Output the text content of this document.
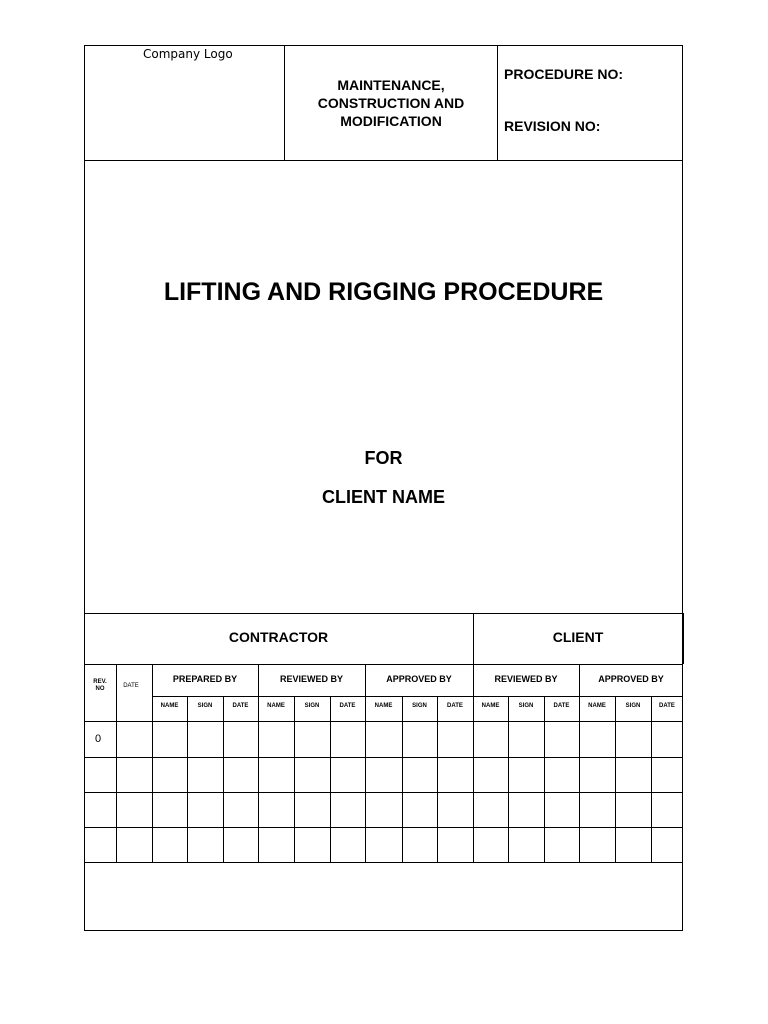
Company Logo
MAINTENANCE,
CONSTRUCTION AND
MODIFICATION
PROCEDURE NO:
REVISION NO:
LIFTING AND RIGGING PROCEDURE
FOR
CLIENT NAME
CONTRACTOR	CLIENT
REV.
NO	DATE
PREPARED BY	REVIEWED BY	APPROVED BY	REVIEWED BY	APPROVED BY
NAME	SIGN	DATE	NAME	SIGN	DATE	NAME	SIGN	DATE	NAME	SIGN	DATE	NAME	SIGN	DATE
0
